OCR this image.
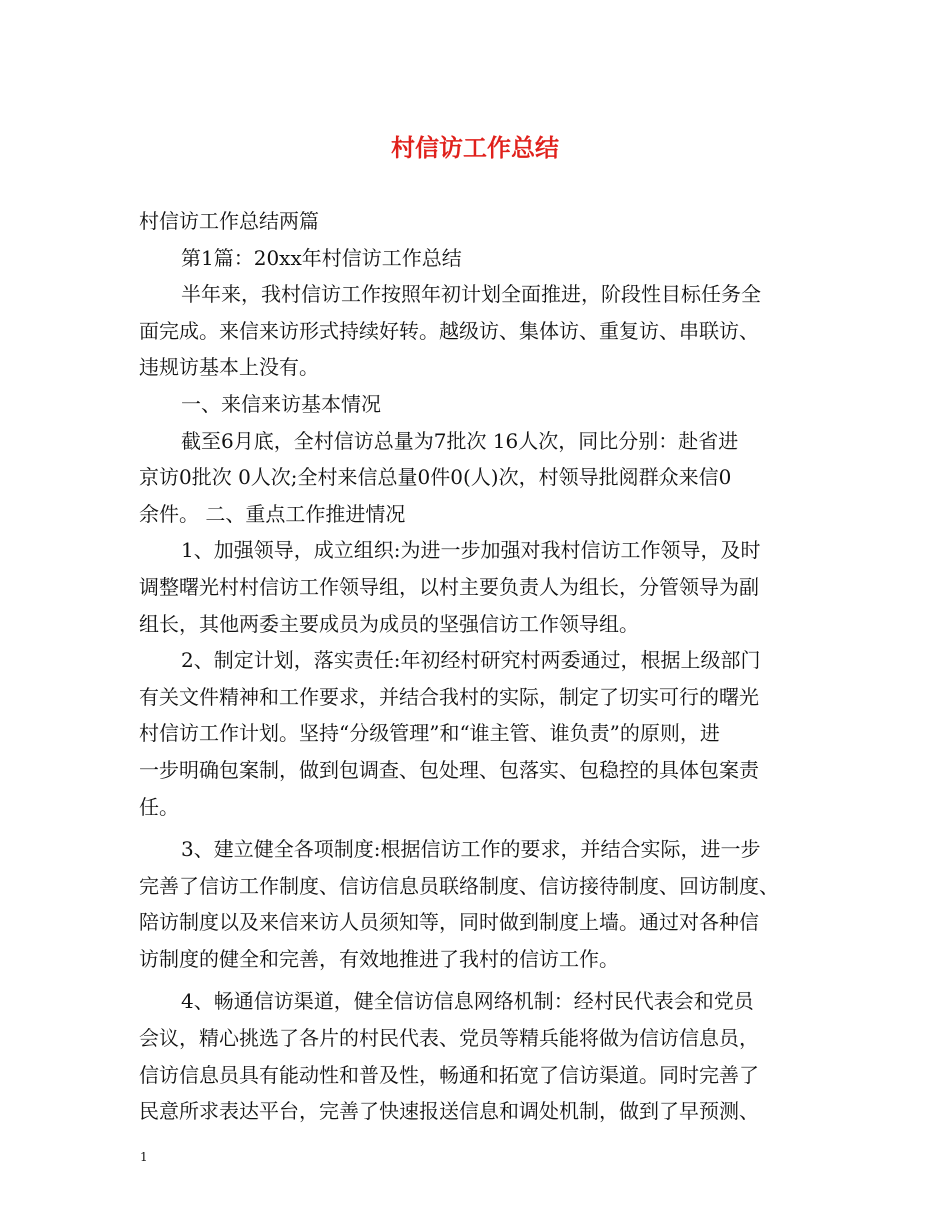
村信访工作总结
村信访工作总结两篇
第1篇：20xx年村信访工作总结
半年来，我村信访工作按照年初计划全面推进，阶段性目标任务全
面完成。来信来访形式持续好转。越级访、集体访、重复访、串联访、
违规访基本上没有。
一、来信来访基本情况
截至6月底，全村信访总量为7批次 16人次，同比分别：赴省进
京访0批次 0人次;全村来信总量0件0(人)次，村领导批阅群众来信0
余件。 二、重点工作推进情况
1、加强领导，成立组织:为进一步加强对我村信访工作领导，及时
调整曙光村村信访工作领导组，以村主要负责人为组长，分管领导为副
组长，其他两委主要成员为成员的坚强信访工作领导组。
2、制定计划，落实责任:年初经村研究村两委通过，根据上级部门
有关文件精神和工作要求，并结合我村的实际，制定了切实可行的曙光
村信访工作计划。坚持“分级管理”和“谁主管、谁负责”的原则，进
一步明确包案制，做到包调查、包处理、包落实、包稳控的具体包案责
任。
3、建立健全各项制度:根据信访工作的要求，并结合实际，进一步
完善了信访工作制度、信访信息员联络制度、信访接待制度、回访制度、
陪访制度以及来信来访人员须知等，同时做到制度上墙。通过对各种信
访制度的健全和完善，有效地推进了我村的信访工作。
4、畅通信访渠道，健全信访信息网络机制：经村民代表会和党员
会议，精心挑选了各片的村民代表、党员等精兵能将做为信访信息员，
信访信息员具有能动性和普及性，畅通和拓宽了信访渠道。同时完善了
民意所求表达平台，完善了快速报送信息和调处机制，做到了早预测、
1
